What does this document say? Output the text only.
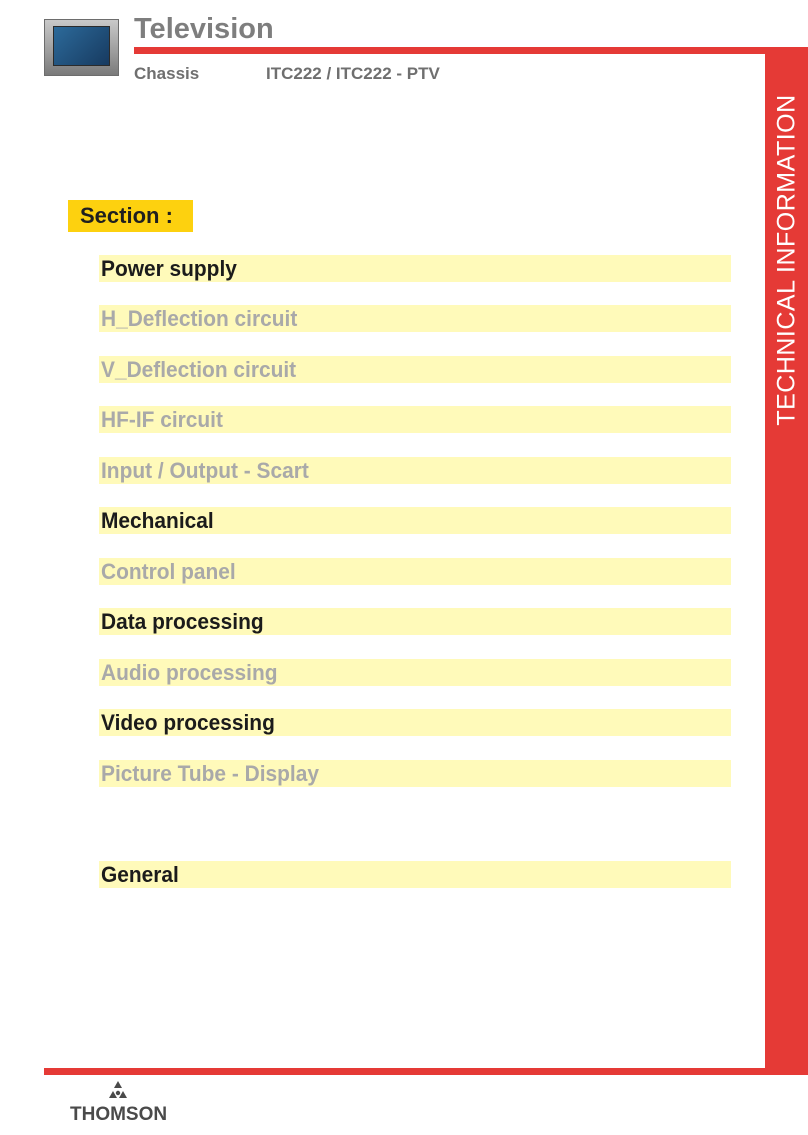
Television
TECHNICAL INFORMATION
Chassis	ITC222 / ITC222 - PTV
Section :
Power supply
H_Deflection circuit
V_Deflection circuit
HF-IF circuit
Input / Output - Scart
Mechanical
Control panel
Data processing
Audio processing
Video processing
Picture Tube - Display
General
THOMSON
